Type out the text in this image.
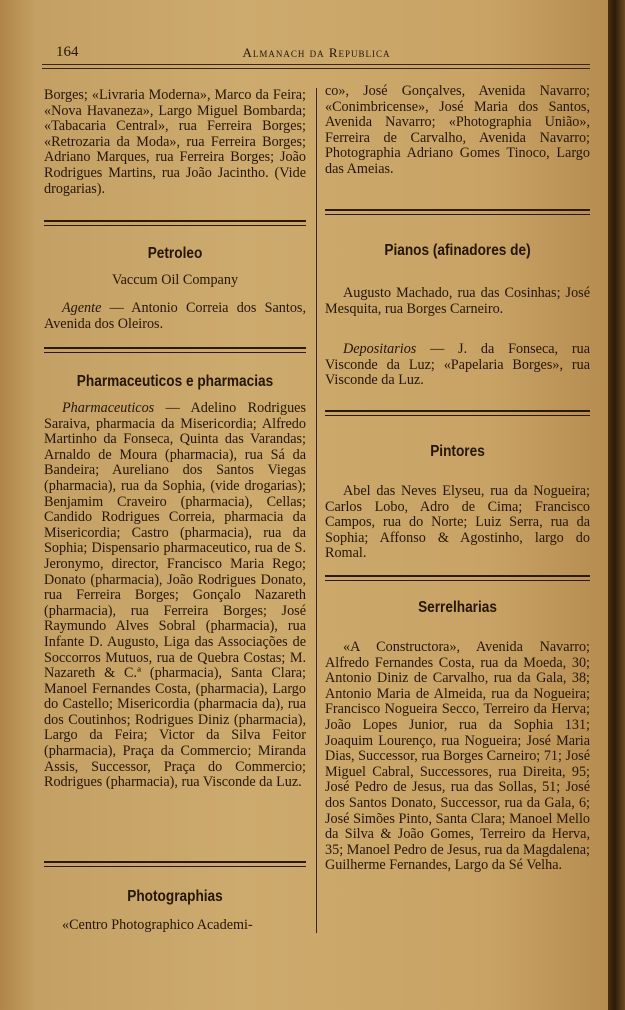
164	Almanach da Republica
Borges; «Livraria Moderna», Marco da Feira; «Nova Havaneza», Largo Miguel Bombarda; «Tabacaria Central», rua Ferreira Borges; «Retrozaria da Moda», rua Ferreira Borges; Adriano Marques, rua Ferreira Borges; João Rodrigues Martins, rua João Jacintho. (Vide drogarias).
Petroleo
Vaccum Oil Company
Agente — Antonio Correia dos Santos, Avenida dos Oleiros.
Pharmaceuticos e pharmacias
Pharmaceuticos — Adelino Rodrigues Saraiva, pharmacia da Misericordia; Alfredo Martinho da Fonseca, Quinta das Varandas; Arnaldo de Moura (pharmacia), rua Sá da Bandeira; Aureliano dos Santos Viegas (pharmacia), rua da Sophia, (vide drogarias); Benjamim Craveiro (pharmacia), Cellas; Candido Rodrigues Correia, pharmacia da Misericordia; Castro (pharmacia), rua da Sophia; Dispensario pharmaceutico, rua de S. Jeronymo, director, Francisco Maria Rego; Donato (pharmacia), João Rodrigues Donato, rua Ferreira Borges; Gonçalo Nazareth (pharmacia), rua Ferreira Borges; José Raymundo Alves Sobral (pharmacia), rua Infante D. Augusto, Liga das Associações de Soccorros Mutuos, rua de Quebra Costas; M. Nazareth & C.ª (pharmacia), Santa Clara; Manoel Fernandes Costa, (pharmacia), Largo do Castello; Misericordia (pharmacia da), rua dos Coutinhos; Rodrigues Diniz (pharmacia), Largo da Feira; Victor da Silva Feitor (pharmacia), Praça da Commercio; Miranda Assis, Successor, Praça do Commercio; Rodrigues (pharmacia), rua Visconde da Luz.
Photographias
«Centro Photographico Academi-
co», José Gonçalves, Avenida Navarro; «Conimbricense», José Maria dos Santos, Avenida Navarro; «Photographia União», Ferreira de Carvalho, Avenida Navarro; Photographia Adriano Gomes Tinoco, Largo das Ameias.
Pianos (afinadores de)
Augusto Machado, rua das Cosinhas; José Mesquita, rua Borges Carneiro.
Depositarios — J. da Fonseca, rua Visconde da Luz; «Papelaria Borges», rua Visconde da Luz.
Pintores
Abel das Neves Elyseu, rua da Nogueira; Carlos Lobo, Adro de Cima; Francisco Campos, rua do Norte; Luiz Serra, rua da Sophia; Affonso & Agostinho, largo do Romal.
Serrelharias
«A Constructora», Avenida Navarro; Alfredo Fernandes Costa, rua da Moeda, 30; Antonio Diniz de Carvalho, rua da Gala, 38; Antonio Maria de Almeida, rua da Nogueira; Francisco Nogueira Secco, Terreiro da Herva; João Lopes Junior, rua da Sophia 131; Joaquim Lourenço, rua Nogueira; José Maria Dias, Successor, rua Borges Carneiro; 71; José Miguel Cabral, Successores, rua Direita, 95; José Pedro de Jesus, rua das Sollas, 51; José dos Santos Donato, Successor, rua da Gala, 6; José Simões Pinto, Santa Clara; Manoel Mello da Silva & João Gomes, Terreiro da Herva, 35; Manoel Pedro de Jesus, rua da Magdalena; Guilherme Fernandes, Largo da Sé Velha.
